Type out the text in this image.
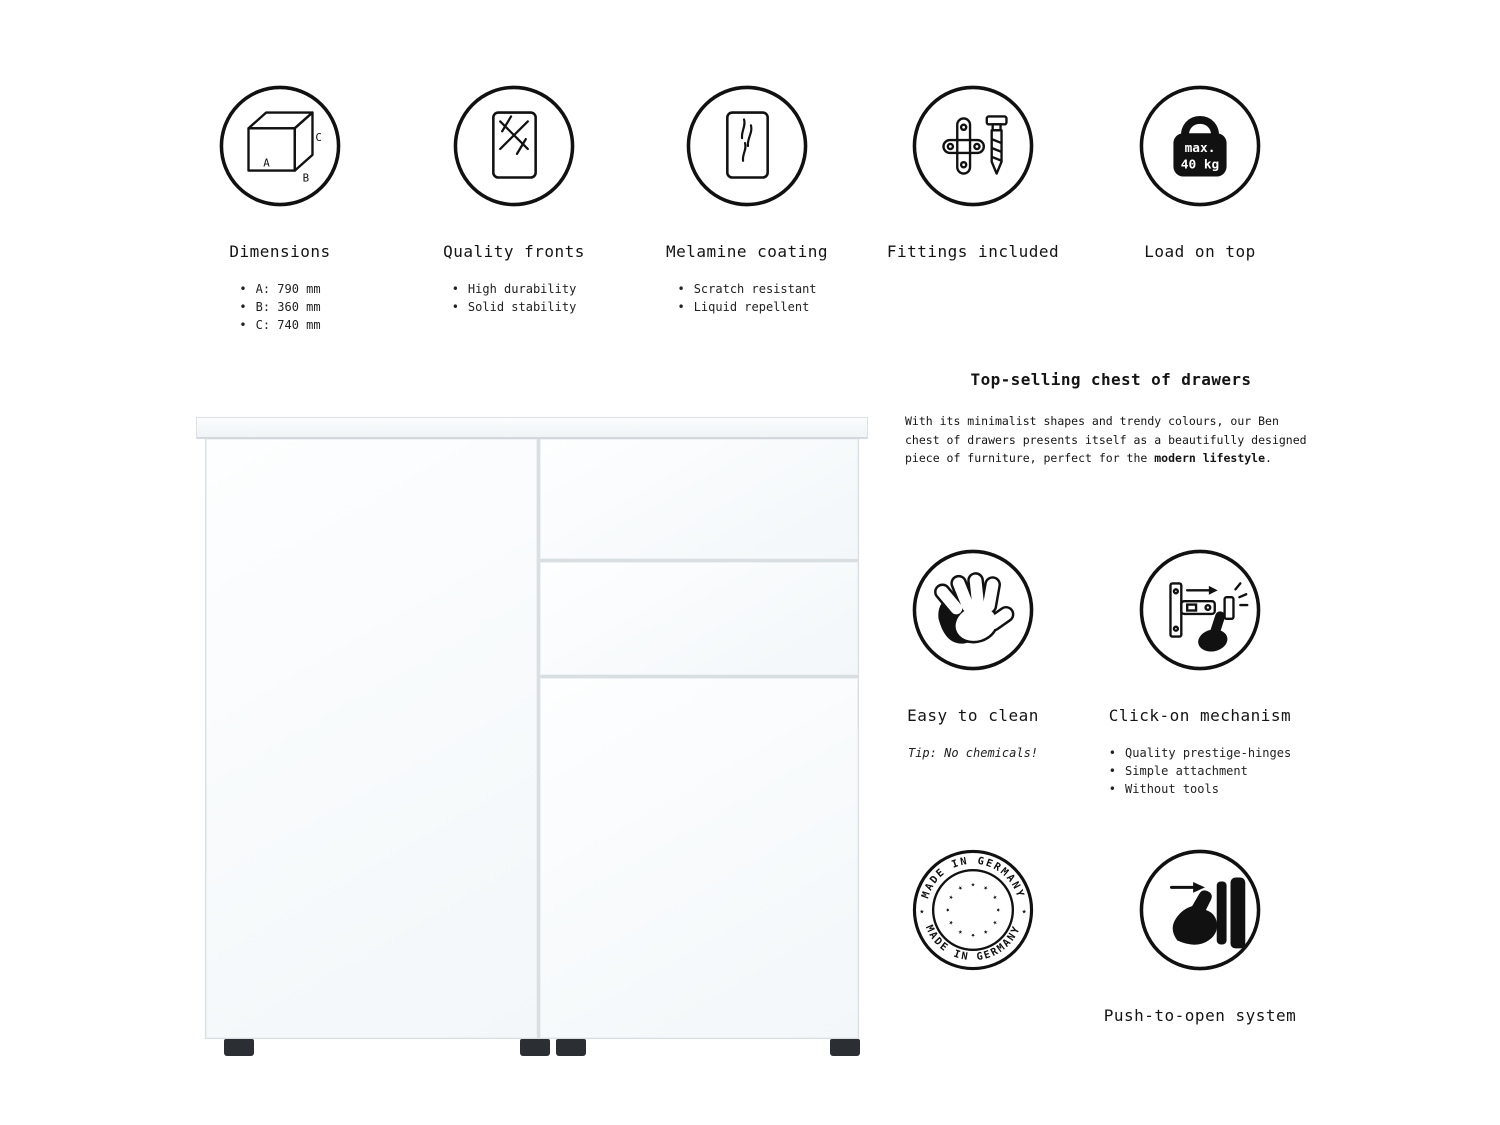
A
B
C
Dimensions
• A: 790 mm
• B: 360 mm
• C: 740 mm
Quality fronts
• High durability
• Solid stability
Melamine coating
• Scratch resistant
• Liquid repellent
Fittings included
max.
40 kg
Load on top
Top-selling chest of drawers

With its minimalist shapes and trendy colours, our Ben chest of drawers presents itself as a beautifully designed piece of furniture, perfect for the modern lifestyle.

Easy to clean
Tip: No chemicals!
Click-on mechanism
• Quality prestige-hinges
• Simple attachment
• Without tools
MADE IN GERMANY
MADE IN GERMANY
★	★
★ ★
★
★
★
★
★
★
★
★
★
★
Push-to-open system
